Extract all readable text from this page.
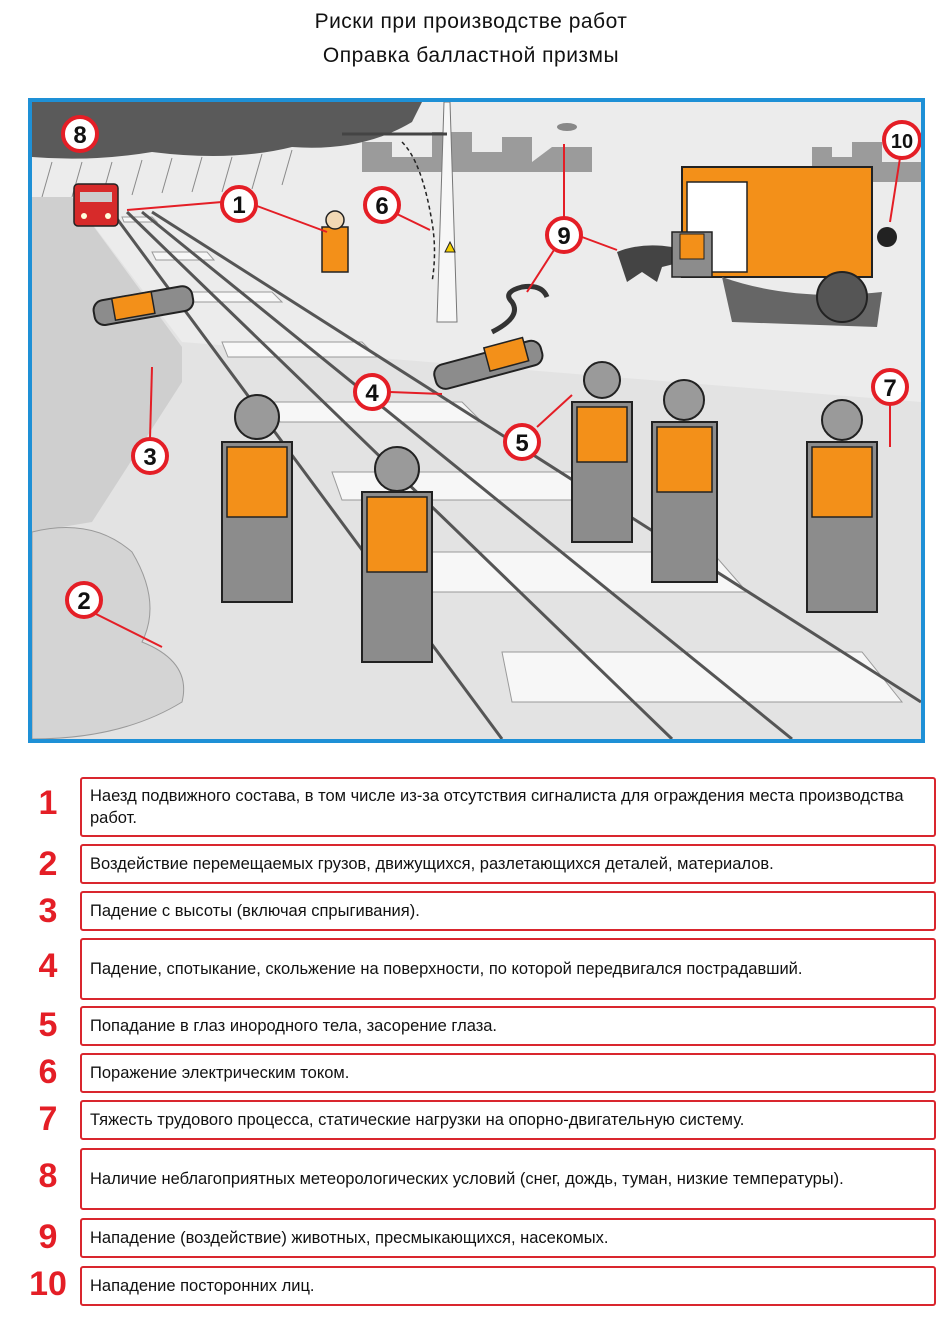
Риски при производстве работ
Оправка балластной призмы
1
2
3
4
5
6
7
8
9
10
1	Наезд подвижного состава, в том числе из-за отсутствия сигналиста для ограждения места производства работ.
2	Воздействие перемещаемых грузов, движущихся, разлетающихся деталей, материалов.
3	Падение с высоты (включая спрыгивания).
4	Падение, спотыкание, скольжение на поверхности, по которой передвигался пострадавший.
5	Попадание в глаз инородного тела, засорение глаза.
6	Поражение электрическим током.
7	Тяжесть трудового процесса, статические нагрузки на опорно-двигательную систему.
8	Наличие неблагоприятных метеорологических условий (снег, дождь, туман, низкие температуры).
9	Нападение (воздействие) животных, пресмыкающихся, насекомых.
10	Нападение посторонних лиц.
